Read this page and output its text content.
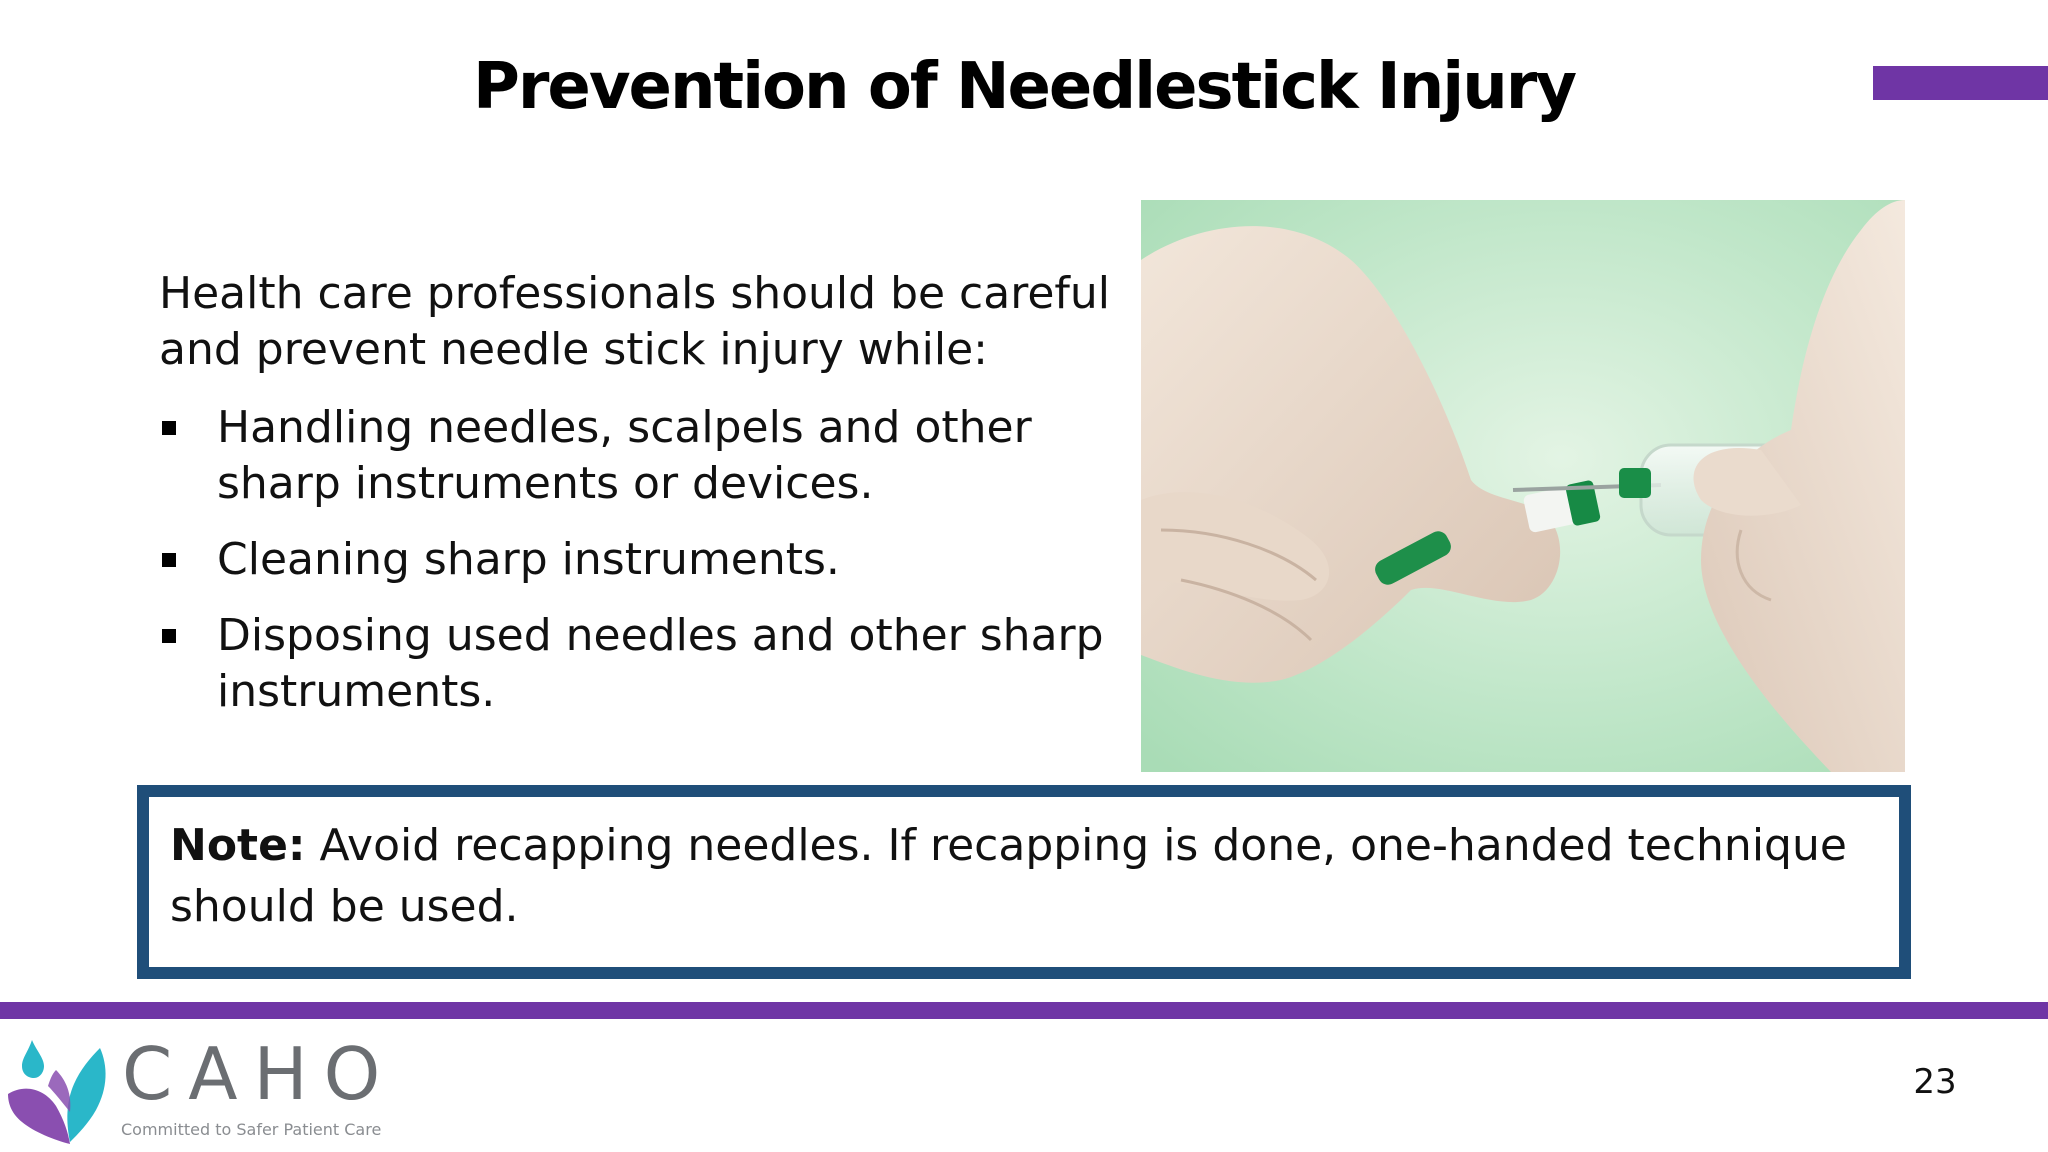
Prevention of Needlestick Injury

Health care professionals should be careful and prevent needle stick injury while:

Handling needles, scalpels and other sharp instruments or devices.
Cleaning sharp instruments.
Disposing used needles and other sharp instruments.
Note: Avoid recapping needles. If recapping is done, one-handed technique should be used.
CAHO
Committed to Safer Patient Care
23
